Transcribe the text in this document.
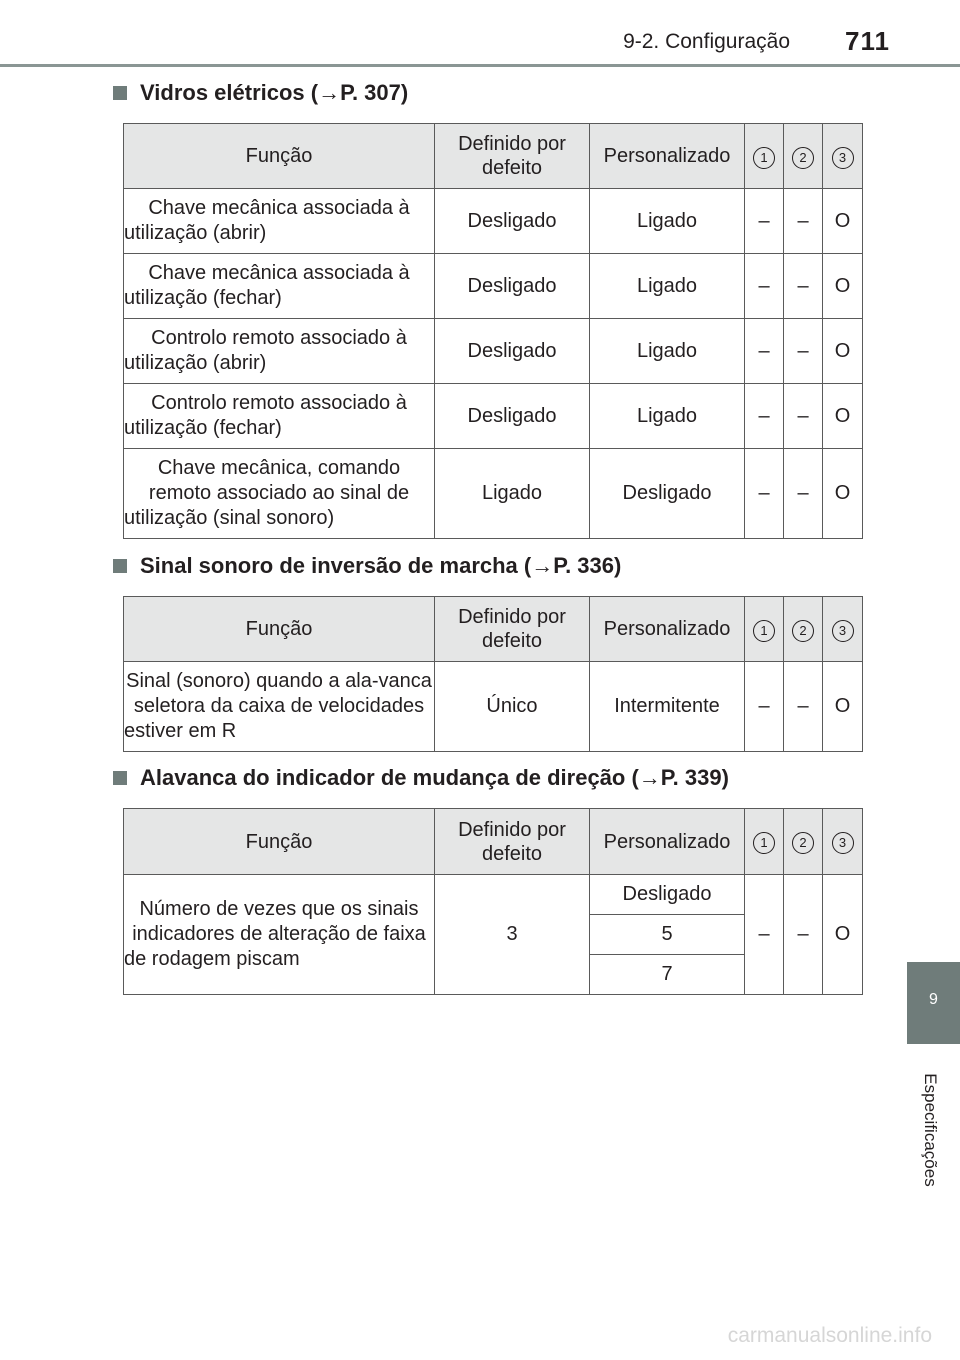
9-2. Configuração 711
9
Especificações
Vidros elétricos (→P. 307)
Função	Definido por defeito	Personalizado	1	2	3
Chave mecânica associada à utilização (abrir)	Desligado	Ligado	–	–	O
Chave mecânica associada à utilização (fechar)	Desligado	Ligado	–	–	O
Controlo remoto associado à utilização (abrir)	Desligado	Ligado	–	–	O
Controlo remoto associado à utilização (fechar)	Desligado	Ligado	–	–	O
Chave mecânica, comando remoto associado ao sinal de utilização (sinal sonoro)	Ligado	Desligado	–	–	O
Sinal sonoro de inversão de marcha (→P. 336)
Função	Definido por defeito	Personalizado	1	2	3
Sinal (sonoro) quando a ala-vanca seletora da caixa de velocidades estiver em R	Único	Intermitente	–	–	O
Alavanca do indicador de mudança de direção (→P. 339)
Função	Definido por defeito	Personalizado	1	2	3
Número de vezes que os sinais indicadores de alteração de faixa de rodagem piscam	3	Desligado	–	–	O
		5			
		7			
carmanualsonline.info
